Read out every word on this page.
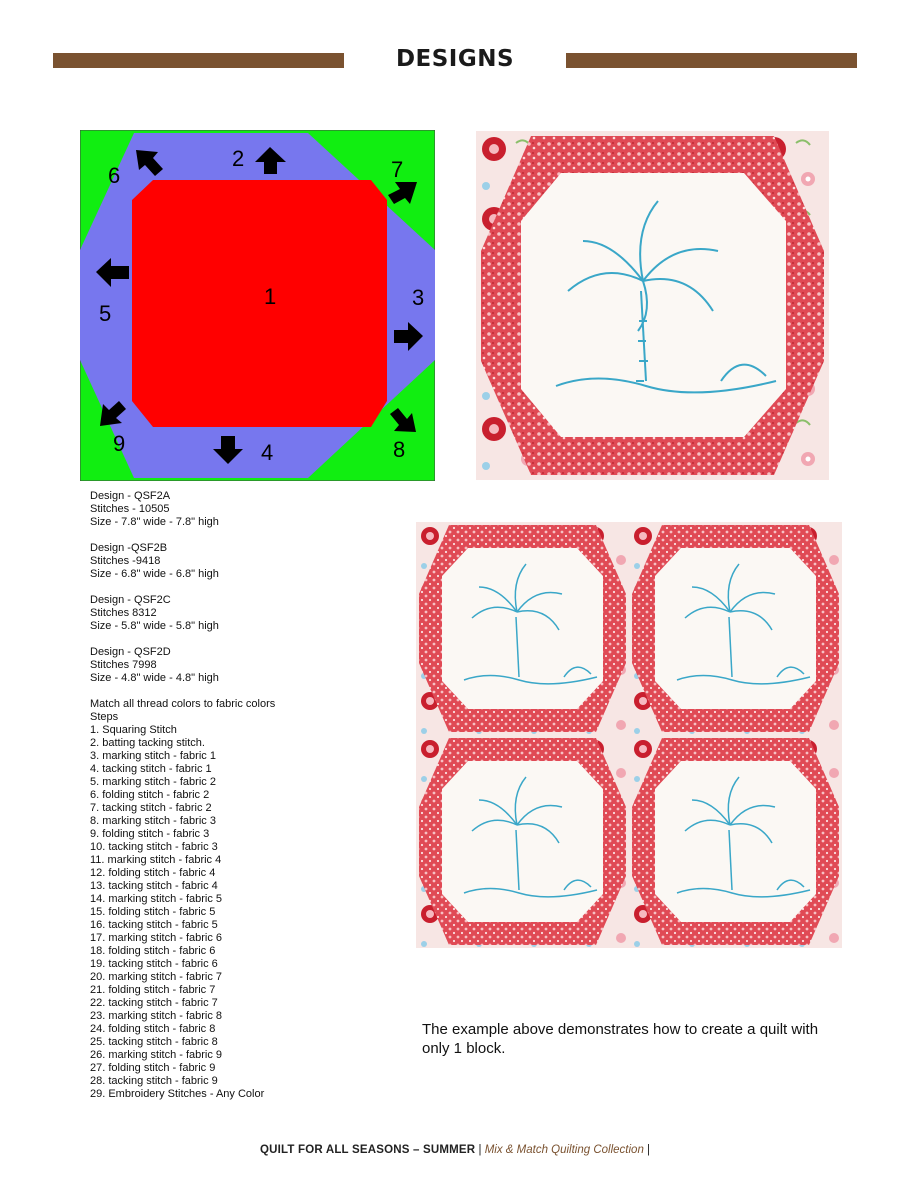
DESIGNS
1
2
3
4
5
6	7
8
9
Design - QSF2A
Stitches - 10505
Size - 7.8" wide - 7.8" high
Design -QSF2B
Stitches -9418
Size - 6.8" wide - 6.8" high
Design - QSF2C
Stitches 8312
Size - 5.8" wide - 5.8" high
Design - QSF2D
Stitches 7998
Size - 4.8" wide - 4.8" high
Match all thread colors to fabric colors
Steps
1. Squaring Stitch
2. batting tacking stitch.
3. marking stitch - fabric 1
4. tacking stitch - fabric 1
5. marking stitch - fabric 2
6. folding stitch - fabric 2
7. tacking stitch - fabric 2
8. marking stitch - fabric 3
9. folding stitch - fabric 3
10. tacking stitch - fabric 3
11. marking stitch - fabric 4
12. folding stitch - fabric 4
13. tacking stitch - fabric 4
14. marking stitch - fabric 5
15. folding stitch - fabric 5
16. tacking stitch - fabric 5
17. marking stitch - fabric 6
18. folding stitch - fabric 6
19. tacking stitch - fabric 6
20. marking stitch - fabric 7
21. folding stitch - fabric 7
22. tacking stitch - fabric 7
23. marking stitch - fabric 8
24. folding stitch - fabric 8
25. tacking stitch - fabric 8
26. marking stitch - fabric 9
27. folding stitch - fabric 9
28. tacking stitch - fabric 9
29. Embroidery Stitches - Any Color
The example above demonstrates how to create a quilt with only 1 block.
QUILT FOR ALL SEASONS – SUMMER | Mix & Match Quilting Collection |
